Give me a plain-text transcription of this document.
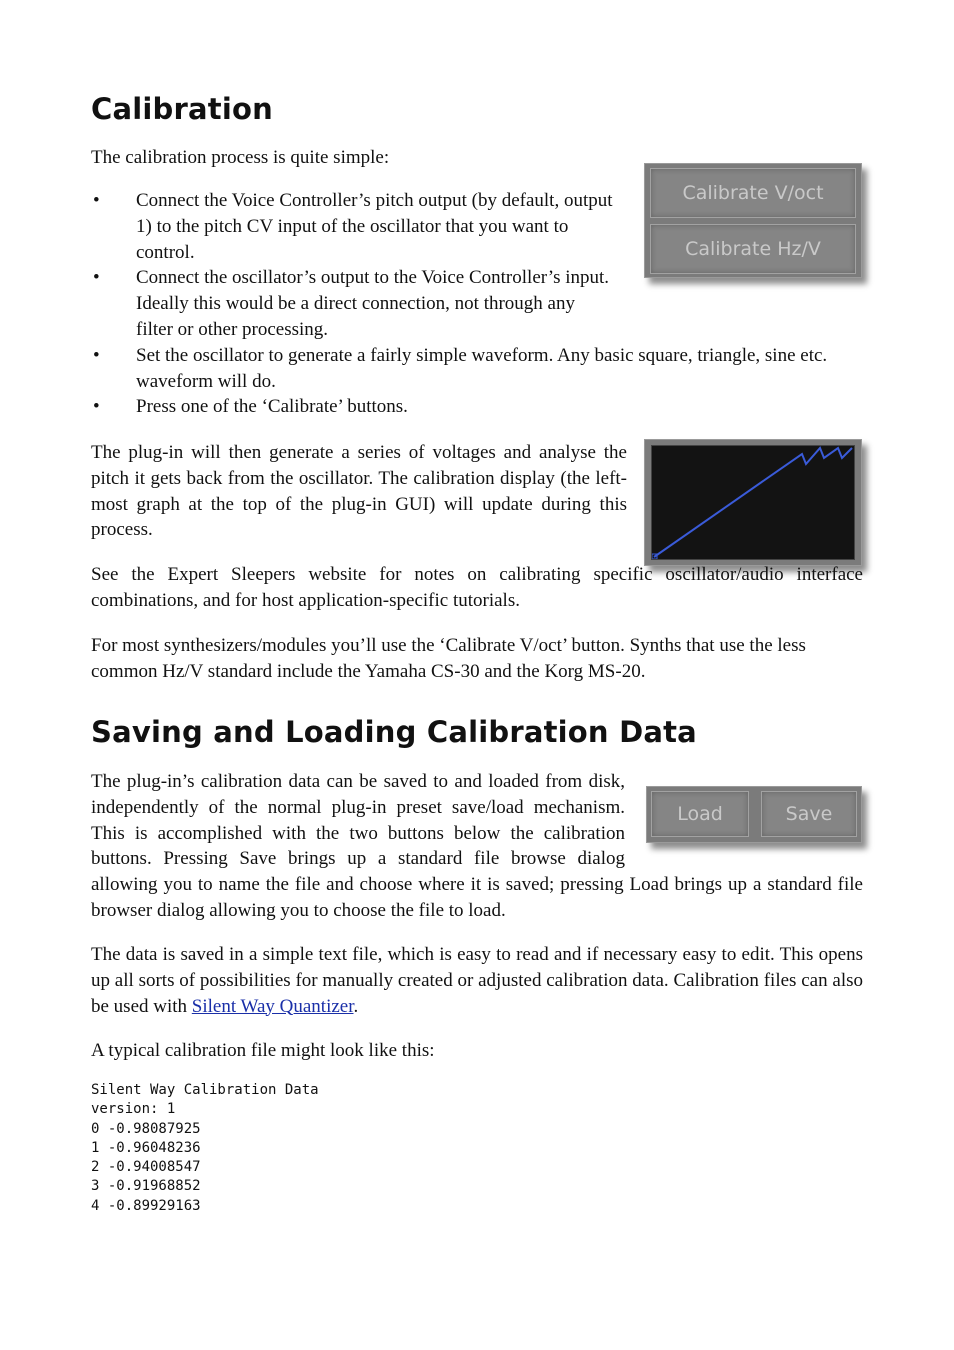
Calibration

The calibration process is quite simple:

Calibrate V/oct
Calibrate Hz/V
• Connect the Voice Controller’s pitch output (by default, output 1) to the pitch CV input of the oscillator that you want to control.
• Connect the oscillator’s output to the Voice Controller’s input. Ideally this would be a direct connection, not through any filter or other processing.
• Set the oscillator to generate a fairly simple waveform. Any basic square, triangle, sine etc. waveform will do.
• Press one of the ‘Calibrate’ buttons.

The plug-in will then generate a series of voltages and analyse the pitch it gets back from the oscillator. The calibration display (the left-most graph at the top of the plug-in GUI) will update during this process.

See the Expert Sleepers website for notes on calibrating specific oscillator/audio interface combinations, and for host application-specific tutorials.

For most synthesizers/modules you’ll use the ‘Calibrate V/oct’ button. Synths that use the less common Hz/V standard include the Yamaha CS-30 and the Korg MS-20.

Saving and Loading Calibration Data
Load	Save

The plug-in’s calibration data can be saved to and loaded from disk, independently of the normal plug-in preset save/load mechanism. This is accomplished with the two buttons below the calibration buttons. Pressing Save brings up a standard file browse dialog allowing you to name the file and choose where it is saved; pressing Load brings up a standard file browser dialog allowing you to choose the file to load.

The data is saved in a simple text file, which is easy to read and if necessary easy to edit. This opens up all sorts of possibilities for manually created or adjusted calibration data. Calibration files can also be used with Silent Way Quantizer.

A typical calibration file might look like this:

Silent Way Calibration Data
version: 1
0 -0.98087925
1 -0.96048236
2 -0.94008547
3 -0.91968852
4 -0.89929163
